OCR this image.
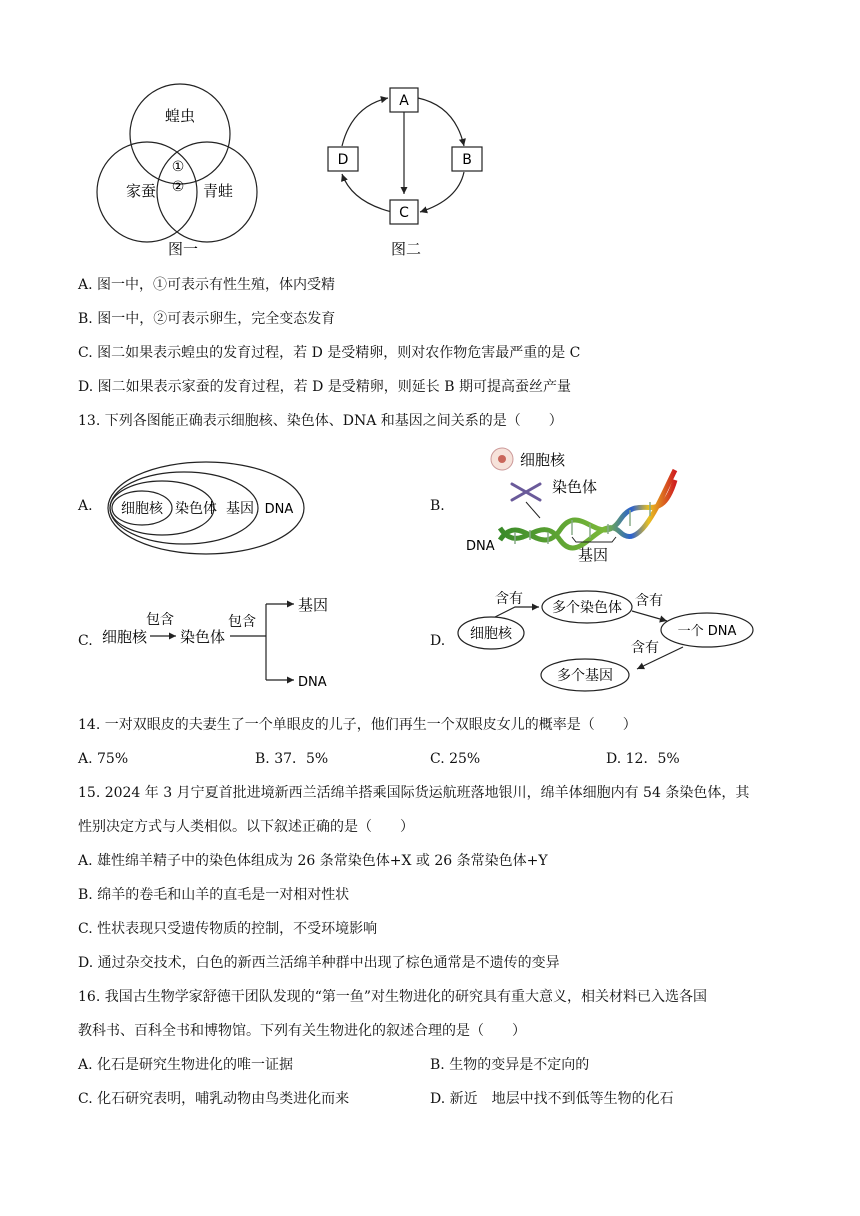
蝗虫
家蚕	青蛙
①
②
图一
A
B
C
D
图二
A. 图一中，①可表示有性生殖，体内受精
B. 图一中，②可表示卵生，完全变态发育
C. 图二如果表示蝗虫的发育过程，若 D 是受精卵，则对农作物危害最严重的是 C
D. 图二如果表示家蚕的发育过程，若 D 是受精卵，则延长 B 期可提高蚕丝产量
13. 下列各图能正确表示细胞核、染色体、DNA 和基因之间关系的是（　　）
A. 细胞核 染色体 基因 DNA	B.
细胞核
染色体
DNA	基因
C. 细胞核
包含
染色体
包含
基因
DNA
D. 细胞核
含有
多个染色体 含有
一个 DNA
含有
多个基因
14. 一对双眼皮的夫妻生了一个单眼皮的儿子，他们再生一个双眼皮女儿的概率是（　　）
A. 75%	B. 37．5%	C. 25%	D. 12．5%
15. 2024 年 3 月宁夏首批进境新西兰活绵羊搭乘国际货运航班落地银川，绵羊体细胞内有 54 条染色体，其
性别决定方式与人类相似。以下叙述正确的是（　　）
A. 雄性绵羊精子中的染色体组成为 26 条常染色体+X 或 26 条常染色体+Y
B. 绵羊的卷毛和山羊的直毛是一对相对性状
C. 性状表现只受遗传物质的控制，不受环境影响
D. 通过杂交技术，白色的新西兰活绵羊种群中出现了棕色通常是不遗传的变异
16. 我国古生物学家舒德干团队发现的“第一鱼”对生物进化的研究具有重大意义，相关材料已入选各国
教科书、百科全书和博物馆。下列有关生物进化的叙述合理的是（　　）
A. 化石是研究生物进化的唯一证据	B. 生物的变异是不定向的
C. 化石研究表明，哺乳动物由鸟类进化而来	D. 新近　地层中找不到低等生物的化石
